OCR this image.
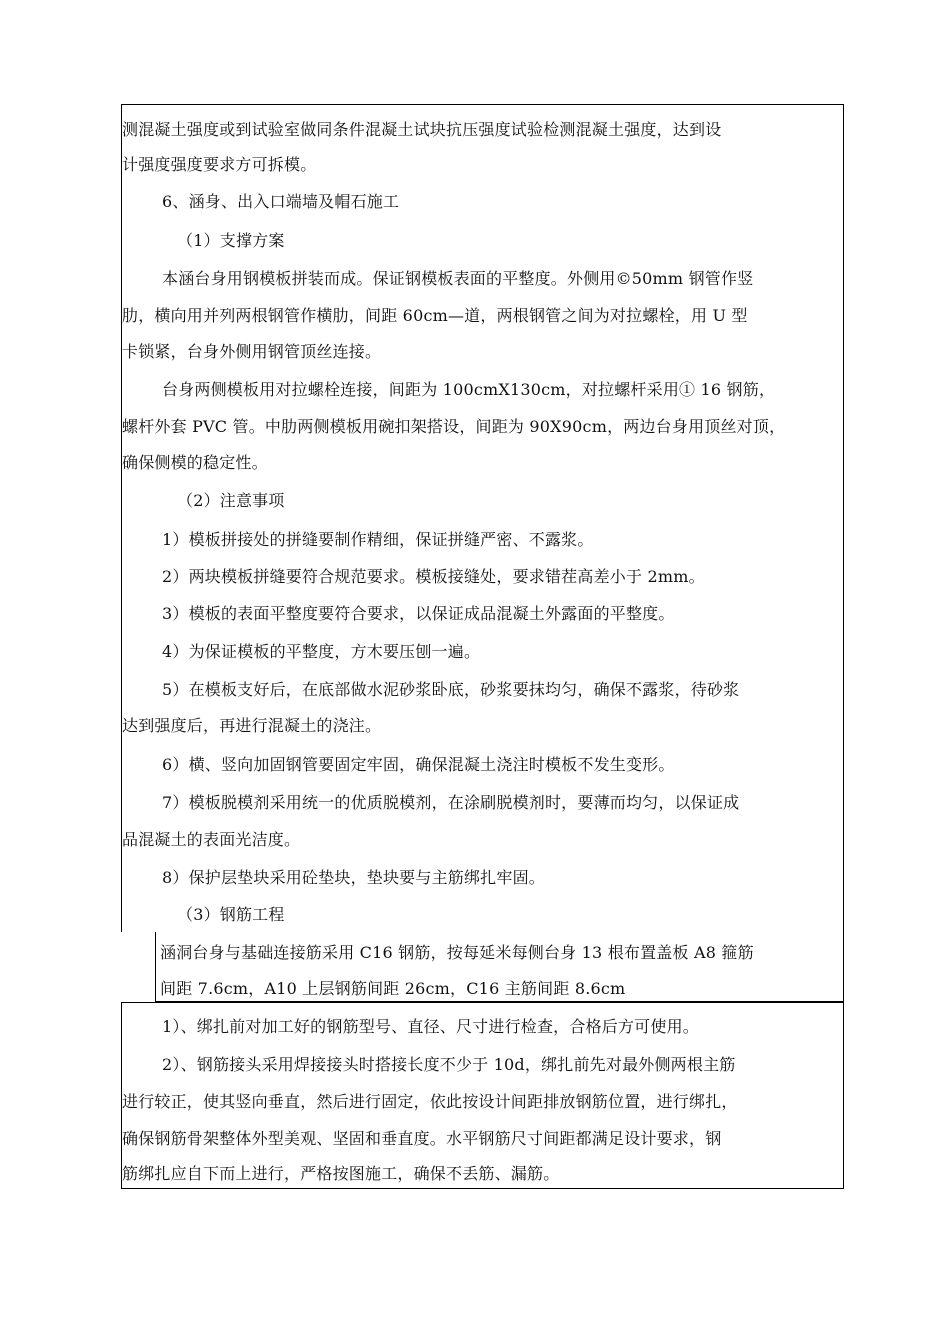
测混凝土强度或到试验室做同条件混凝土试块抗压强度试验检测混凝土强度，达到设
计强度强度要求方可拆模。
6、涵身、出入口端墙及帽石施工
（1）支撑方案
本涵台身用钢模板拼装而成。保证钢模板表面的平整度。外侧用©50mm 钢管作竖
肋，横向用并列两根钢管作横肋，间距 60cm—道，两根钢管之间为对拉螺栓，用 U 型
卡锁紧，台身外侧用钢管顶丝连接。
台身两侧模板用对拉螺栓连接，间距为 100cmX130cm，对拉螺杆采用① 16 钢筋，
螺杆外套 PVC 管。中肋两侧模板用碗扣架搭设，间距为 90X90cm，两边台身用顶丝对顶，
确保侧模的稳定性。
（2）注意事项
1）模板拼接处的拼缝要制作精细，保证拼缝严密、不露浆。
2）两块模板拼缝要符合规范要求。模板接缝处，要求错茬高差小于 2mm。
3）模板的表面平整度要符合要求，以保证成品混凝土外露面的平整度。
4）为保证模板的平整度，方木要压刨一遍。
5）在模板支好后，在底部做水泥砂浆卧底，砂浆要抹均匀，确保不露浆，待砂浆
达到强度后，再进行混凝土的浇注。
6）横、竖向加固钢管要固定牢固，确保混凝土浇注时模板不发生变形。
7）模板脱模剂采用统一的优质脱模剂，在涂刷脱模剂时，要薄而均匀，以保证成
品混凝土的表面光洁度。
8）保护层垫块采用砼垫块，垫块要与主筋绑扎牢固。
（3）钢筋工程
涵洞台身与基础连接筋采用 C16 钢筋，按每延米每侧台身 13 根布置盖板 A8 箍筋
间距 7.6cm，A10 上层钢筋间距 26cm，C16 主筋间距 8.6cm
1）、绑扎前对加工好的钢筋型号、直径、尺寸进行检查，合格后方可使用。
2）、钢筋接头采用焊接接头时搭接长度不少于 10d，绑扎前先对最外侧两根主筋
进行较正，使其竖向垂直，然后进行固定，依此按设计间距排放钢筋位置，进行绑扎，
确保钢筋骨架整体外型美观、坚固和垂直度。水平钢筋尺寸间距都满足设计要求，钢
筋绑扎应自下而上进行，严格按图施工，确保不丢筋、漏筋。
